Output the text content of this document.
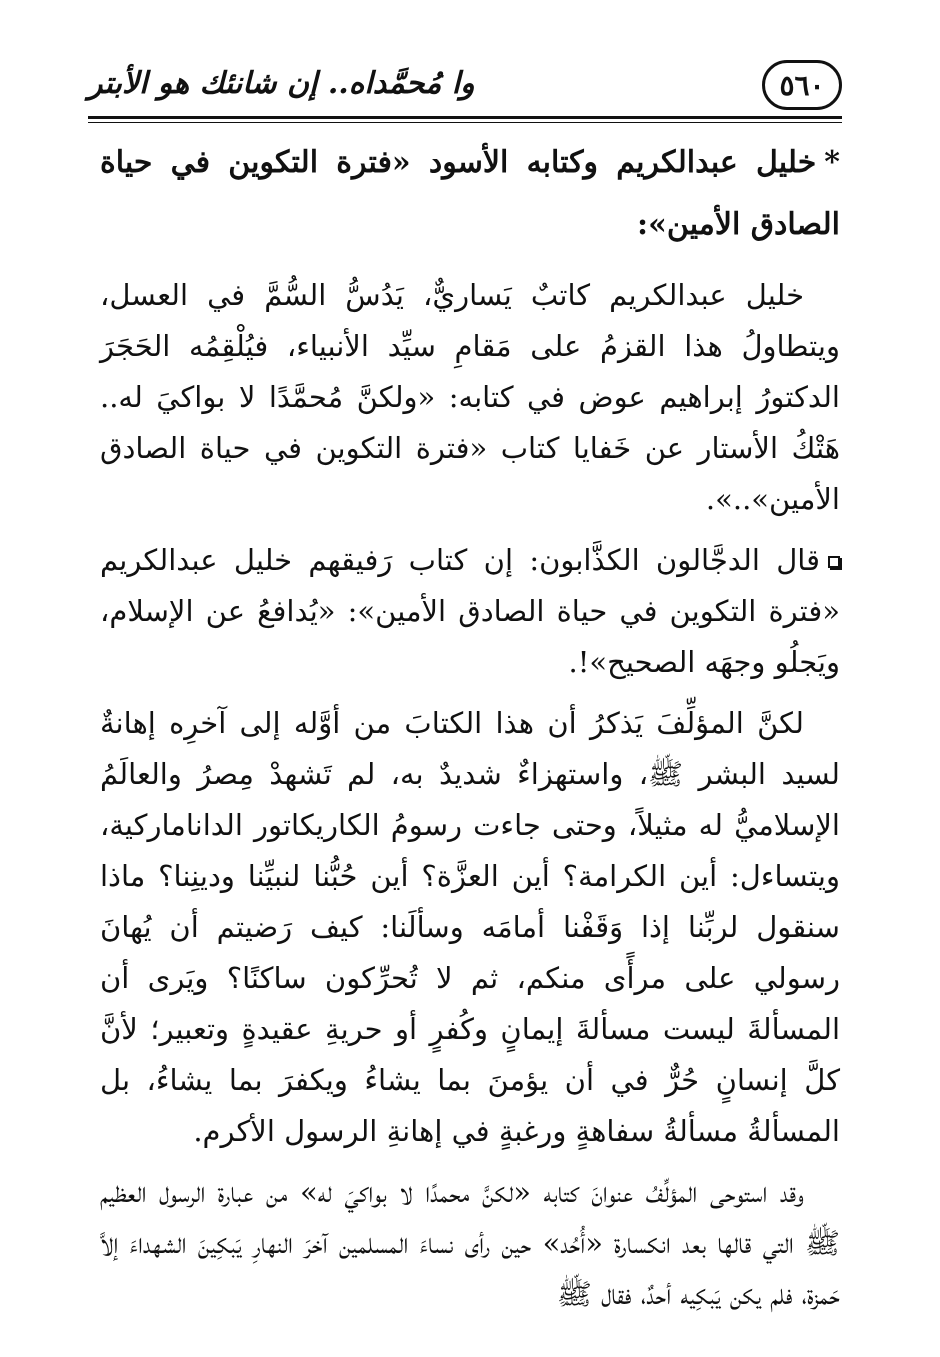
٥٦٠
وا مُحمَّداه.. إن شانئك هو الأبتر
*خليل عبدالكريم وكتابه الأسود «فترة التكوين في حياة الصادق الأمين»:

خليل عبدالكريم كاتبٌ يَساريٌّ، يَدُسُّ السُّمَّ في العسل، ويتطاولُ هذا القزمُ على مَقامِ سيِّد الأنبياء، فيُلْقِمُه الحَجَرَ الدكتورُ إبراهيم عوض في كتابه: «ولكنَّ مُحمَّدًا لا بواكيَ له.. هَتْكُ الأستار عن خَفايا كتاب «فترة التكوين في حياة الصادق الأمين»..».

قال الدجَّالون الكذَّابون: إن كتاب رَفيقهم خليل عبدالكريم «فترة التكوين في حياة الصادق الأمين»: «يُدافعُ عن الإسلام، ويَجلُو وجهَه الصحيح»!.

لكنَّ المؤلِّفَ يَذكرُ أن هذا الكتابَ من أوَّله إلى آخرِه إهانةٌ لسيد البشر ﷺ، واستهزاءٌ شديدٌ به، لم تَشهدْ مِصرُ والعالَمُ الإسلاميُّ له مثيلاً، وحتى جاءت رسومُ الكاريكاتور الداناماركية، ويتساءل: أين الكرامة؟ أين العزَّة؟ أين حُبُّنا لنبيِّنا ودينِنا؟ ماذا سنقول لربِّنا إذا وَقَفْنا أمامَه وسألَنا: كيف رَضيتم أن يُهانَ رسولي على مرأًى منكم، ثم لا تُحرِّكون ساكنًا؟ ويَرى أن المسألةَ ليست مسألةَ إيمانٍ وكُفرٍ أو حريةِ عقيدةٍ وتعبير؛ لأنَّ كلَّ إنسانٍ حُرٌّ في أن يؤمنَ بما يشاءُ ويكفرَ بما يشاءُ، بل المسألةُ مسألةُ سفاهةٍ ورغبةٍ في إهانةِ الرسول الأكرم.

وقد استوحى المؤلِّفُ عنوانَ كتابه «لكنَّ محمدًا لا بواكيَ له» من عبارة الرسول العظيم ﷺ التي قالها بعد انكسارة «أُحُد» حين رأى نساءَ المسلمين آخرَ النهارِ يَبكِينَ الشهداءَ إلاَّ حَمزة، فلم يكن يَبكِيه أحدٌ، فقال ﷺ
